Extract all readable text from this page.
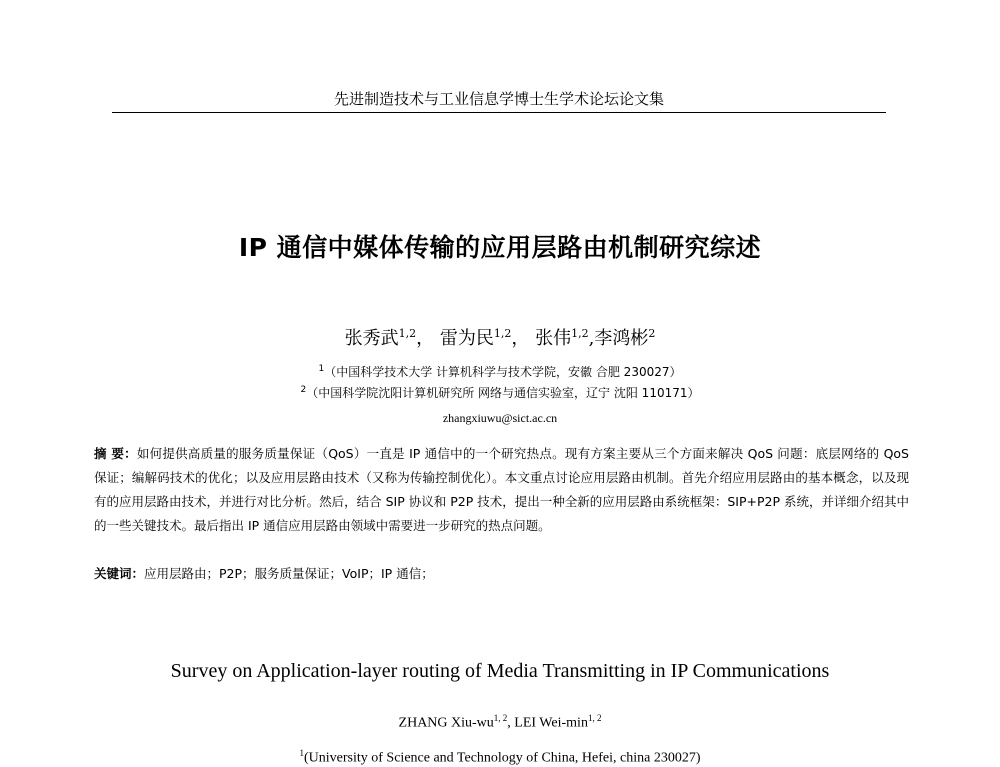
先进制造技术与工业信息学博士生学术论坛论文集
IP 通信中媒体传输的应用层路由机制研究综述
张秀武$^{1,2}$， 雷为民$^{1,2}$， 张伟$^{1,2}$,李鸿彬$^2$
$^1$（中国科学技术大学 计算机科学与技术学院，安徽 合肥 230027）
$^2$（中国科学院沈阳计算机研究所 网络与通信实验室，辽宁 沈阳 110171）
zhangxiuwu@sict.ac.cn
摘 要：如何提供高质量的服务质量保证（QoS）一直是 IP 通信中的一个研究热点。现有方案主要从三个方面来解决 QoS 问题：底层网络的 QoS 保证；编解码技术的优化；以及应用层路由技术（又称为传输控制优化）。本文重点讨论应用层路由机制。首先介绍应用层路由的基本概念，以及现有的应用层路由技术，并进行对比分析。然后，结合 SIP 协议和 P2P 技术，提出一种全新的应用层路由系统框架：SIP+P2P 系统，并详细介绍其中的一些关键技术。最后指出 IP 通信应用层路由领域中需要进一步研究的热点问题。
关键词：应用层路由；P2P；服务质量保证；VoIP；IP 通信；
Survey on Application-layer routing of Media Transmitting in IP Communications
ZHANG Xiu-wu$^{1, 2}$, LEI Wei-$\min^{1, 2}$
$^1$(University of Science and Technology of China, Hefei, china 230027)
